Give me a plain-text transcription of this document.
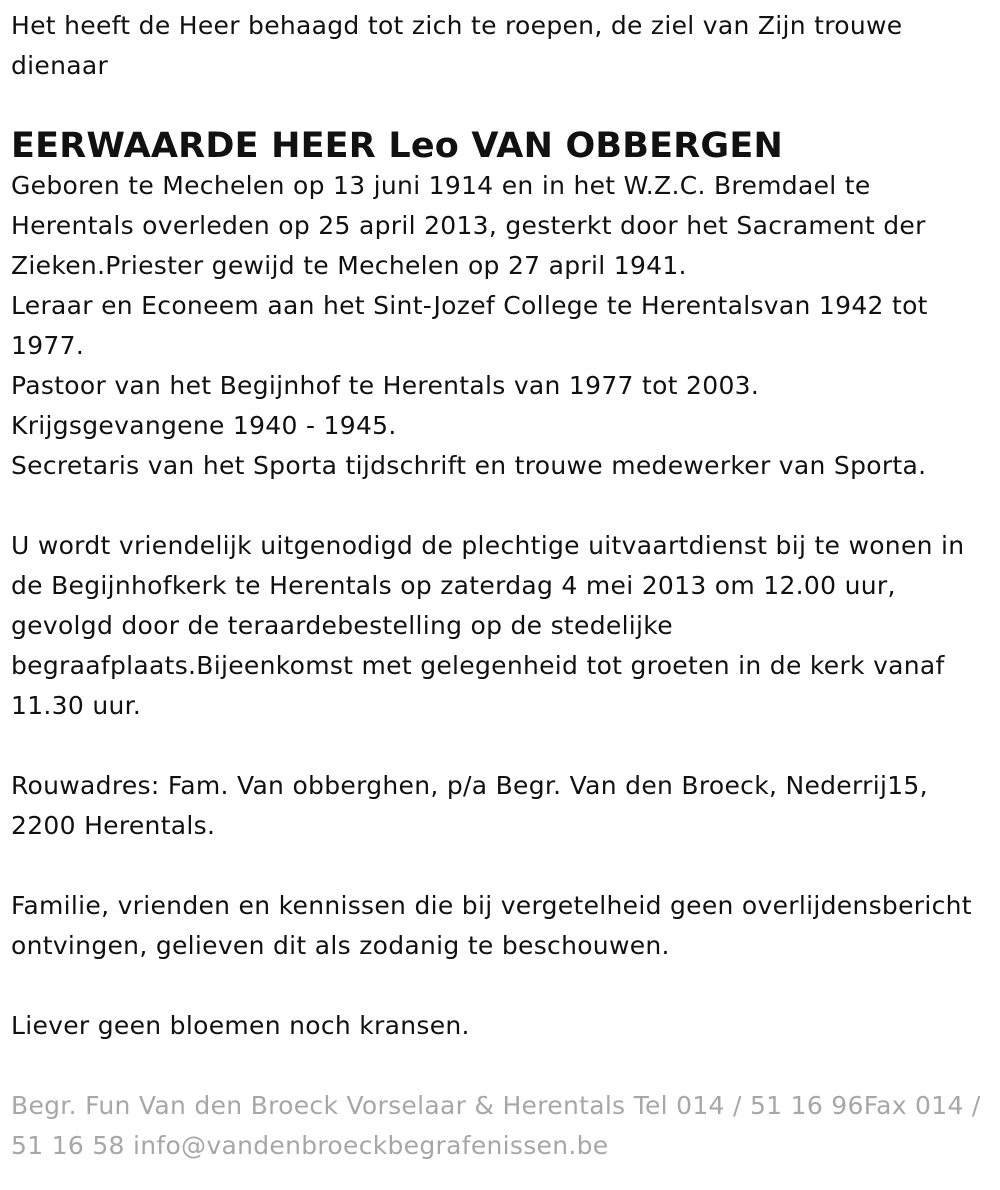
Het heeft de Heer behaagd tot zich te roepen, de ziel van Zijn trouwe dienaar

EERWAARDE HEER Leo VAN OBBERGEN

Geboren te Mechelen op 13 juni 1914 en in het W.Z.C. Bremdael te Herentals overleden op 25 april 2013, gesterkt door het Sacrament der Zieken.Priester gewijd te Mechelen op 27 april 1941.
Leraar en Econeem aan het Sint-Jozef College te Herentalsvan 1942 tot 1977.
Pastoor van het Begijnhof te Herentals van 1977 tot 2003.
Krijgsgevangene 1940 - 1945.
Secretaris van het Sporta tijdschrift en trouwe medewerker van Sporta.

U wordt vriendelijk uitgenodigd de plechtige uitvaartdienst bij te wonen in de Begijnhofkerk te Herentals op zaterdag 4 mei 2013 om 12.00 uur, gevolgd door de teraardebestelling op de stedelijke begraafplaats.Bijeenkomst met gelegenheid tot groeten in de kerk vanaf 11.30 uur.

Rouwadres: Fam. Van obberghen, p/a Begr. Van den Broeck, Nederrij15, 2200 Herentals.

Familie, vrienden en kennissen die bij vergetelheid geen overlijdensbericht ontvingen, gelieven dit als zodanig te beschouwen.

Liever geen bloemen noch kransen.

Begr. Fun Van den Broeck Vorselaar & Herentals Tel 014 / 51 16 96Fax 014 / 51 16 58 info@vandenbroeckbegrafenissen.be
